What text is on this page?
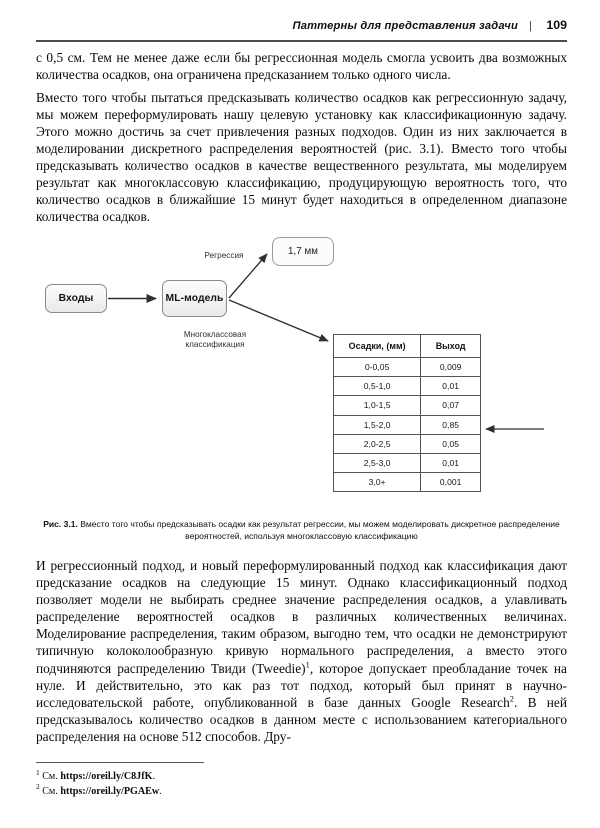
Паттерны для представления задачи | 109

с 0,5 см. Тем не менее даже если бы регрессионная модель смогла усвоить два возможных количества осадков, она ограничена предсказанием только одного числа.

Вместо того чтобы пытаться предсказывать количество осадков как регрессионную задачу, мы можем переформулировать нашу целевую установку как классификационную задачу. Этого можно достичь за счет привлечения разных подходов. Один из них заключается в моделировании дискретного распределения вероятностей (рис. 3.1). Вместо того чтобы предсказывать количество осадков в качестве вещественного результата, мы моделируем результат как многоклассовую классификацию, продуцирующую вероятность того, что количество осадков в ближайшие 15 минут будет находиться в определенном диапазоне количества осадков.

Входы	ML-модель
1,7 мм
Регрессия
Многоклассовая
классификация	Осадки, (мм)	Выход
0-0,05	0,009
0,5-1,0	0,01
1,0-1,5	0,07
1,5-2,0	0,85
2,0-2,5	0,05
2,5-3,0	0,01
3,0+	0,001
Рис. 3.1. Вместо того чтобы предсказывать осадки как результат регрессии, мы можем моделировать дискретное распределение вероятностей, используя многоклассовую классификацию

И регрессионный подход, и новый переформулированный подход как классификация дают предсказание осадков на следующие 15 минут. Однако классификационный подход позволяет модели не выбирать среднее значение распределения осадков, а улавливать распределение вероятностей осадков в различных количественных величинах. Моделирование распределения, таким образом, выгодно тем, что осадки не демонстрируют типичную колоколообразную кривую нормального распределения, а вместо этого подчиняются распределению Твиди (Tweedie)$^1$, которое допускает преобладание точек на нуле. И действительно, это как раз тот подход, который был принят в научно-исследовательской работе, опубликованной в базе данных Google Research$^2$. В ней предсказывалось количество осадков в данном месте с использованием категориального распределения на основе 512 способов. Дру-

$^1$ См. https://oreil.ly/C8JfK.
$^2$ См. https://oreil.ly/PGAEw.
